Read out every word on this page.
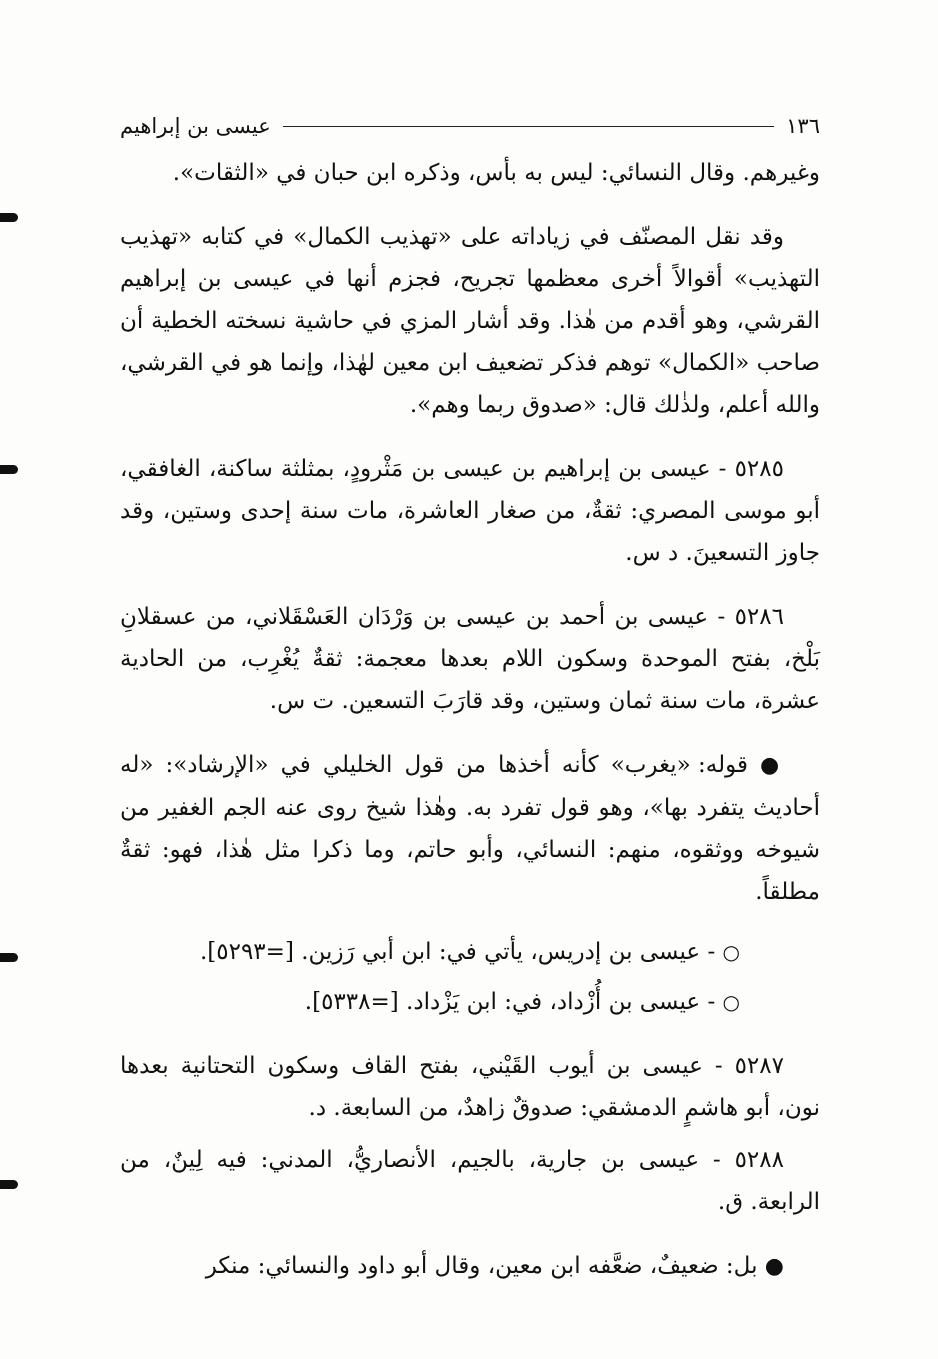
١٣٦
عيسى بن إبراهيم

وغيرهم. وقال النسائي: ليس به بأس، وذكره ابن حبان في «الثقات».

وقد نقل المصنّف في زياداته على «تهذيب الكمال» في كتابه «تهذيب التهذيب» أقوالاً أخرى معظمها تجريح، فجزم أنها في عيسى بن إبراهيم القرشي، وهو أقدم من هٰذا. وقد أشار المزي في حاشية نسخته الخطية أن صاحب «الكمال» توهم فذكر تضعيف ابن معين لهٰذا، وإنما هو في القرشي، والله أعلم، ولذٰلك قال: «صدوق ربما وهم».

٥٢٨٥ - عيسى بن إبراهيم بن عيسى بن مَثْرودٍ، بمثلثة ساكنة، الغافقي، أبو موسى المصري: ثقةٌ، من صغار العاشرة، مات سنة إحدى وستين، وقد جاوز التسعينَ. د س.

٥٢٨٦ - عيسى بن أحمد بن عيسى بن وَرْدَان العَسْقَلاني، من عسقلانِ بَلْخ، بفتح الموحدة وسكون اللام بعدها معجمة: ثقةٌ يُغْرِب، من الحادية عشرة، مات سنة ثمان وستين، وقد قارَبَ التسعين. ت س.

● قوله: «يغرب» كأنه أخذها من قول الخليلي في «الإرشاد»: «له أحاديث يتفرد بها»، وهو قول تفرد به. وهٰذا شيخ روى عنه الجم الغفير من شيوخه ووثقوه، منهم: النسائي، وأبو حاتم، وما ذكرا مثل هٰذا، فهو: ثقةٌ مطلقاً.

○ - عيسى بن إدريس، يأتي في: ابن أبي رَزين. [=٥٢٩٣].

○ - عيسى بن أُزْداد، في: ابن يَزْداد. [=٥٣٣٨].

٥٢٨٧ - عيسى بن أيوب القَيْني، بفتح القاف وسكون التحتانية بعدها نون، أبو هاشمٍ الدمشقي: صدوقٌ زاهدٌ، من السابعة. د.

٥٢٨٨ - عيسى بن جارية، بالجيم، الأنصاريُّ، المدني: فيه لِينٌ، من الرابعة. ق.

● بل: ضعيفٌ، ضعَّفه ابن معين، وقال أبو داود والنسائي: منكر
